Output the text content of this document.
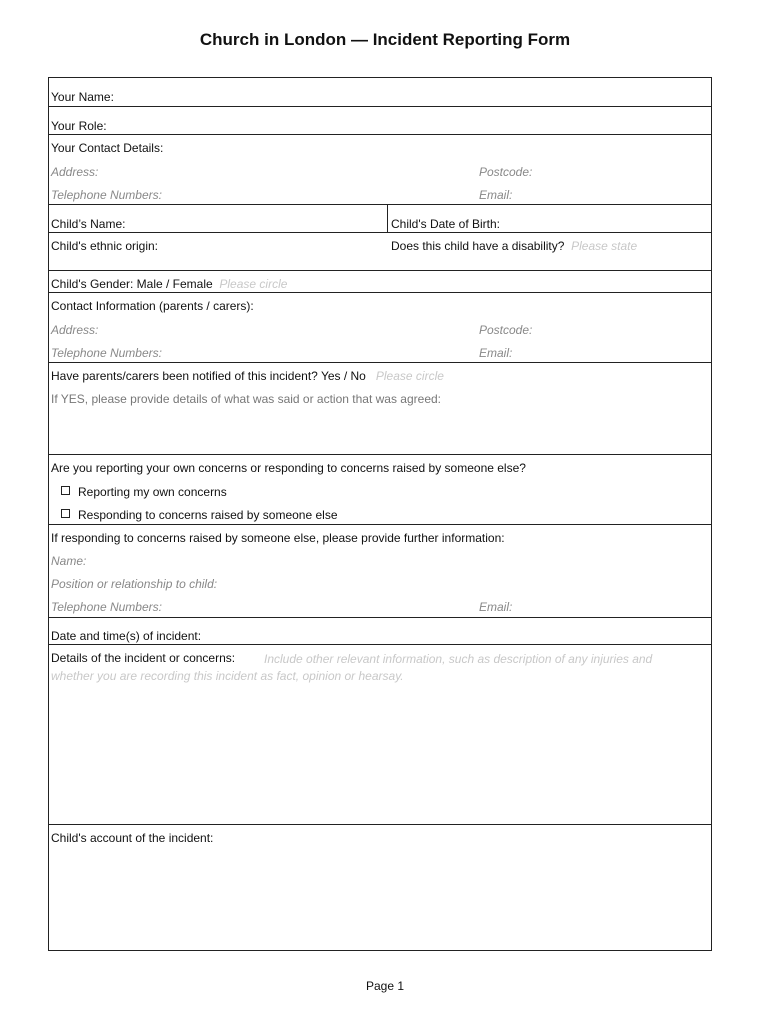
Church in London — Incident Reporting Form
Your Name:
Your Role:
Your Contact Details:
Address:	Postcode:
Telephone Numbers:	Email:
Child’s Name:	Child's Date of Birth:
Child's ethnic origin:	Does this child have a disability? Please state
Child's Gender: Male / Female Please circle
Contact Information (parents / carers):
Address:	Postcode:
Telephone Numbers:	Email:
Have parents/carers been notified of this incident? Yes / No Please circle
If YES, please provide details of what was said or action that was agreed:
Are you reporting your own concerns or responding to concerns raised by someone else?
Reporting my own concerns
Responding to concerns raised by someone else
If responding to concerns raised by someone else, please provide further information:
Name:
Position or relationship to child:
Telephone Numbers:	Email:
Date and time(s) of incident:
Details of the incident or concerns:	Include other relevant information, such as description of any injuries and whether you are recording this incident as fact, opinion or hearsay.
Child's account of the incident:
Page 1
